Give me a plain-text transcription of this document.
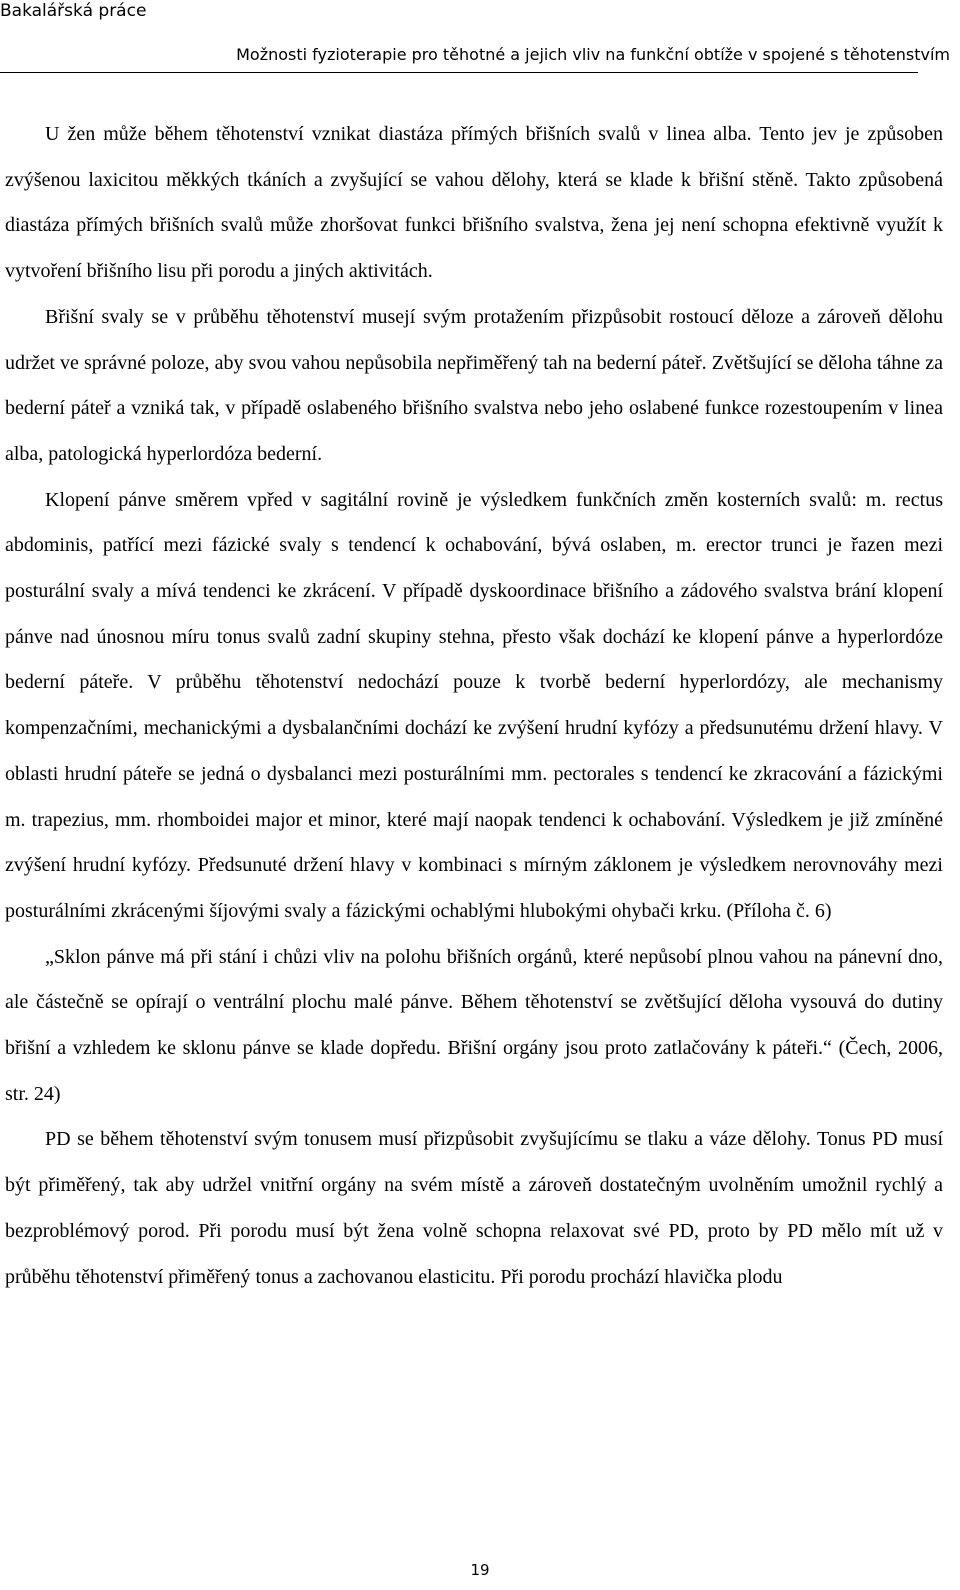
Bakalářská práce
Možnosti fyzioterapie pro těhotné a jejich vliv na funkční obtíže v spojené s těhotenstvím

U žen může během těhotenství vznikat diastáza přímých břišních svalů v linea alba. Tento jev je způsoben zvýšenou laxicitou měkkých tkáních a zvyšující se vahou dělohy, která se klade k břišní stěně. Takto způsobená diastáza přímých břišních svalů může zhoršovat funkci břišního svalstva, žena jej není schopna efektivně využít k vytvoření břišního lisu při porodu a jiných aktivitách.

Břišní svaly se v průběhu těhotenství musejí svým protažením přizpůsobit rostoucí děloze a zároveň dělohu udržet ve správné poloze, aby svou vahou nepůsobila nepřiměřený tah na bederní páteř. Zvětšující se děloha táhne za bederní páteř a vzniká tak, v případě oslabeného břišního svalstva nebo jeho oslabené funkce rozestoupením v linea alba, patologická hyperlordóza bederní.

Klopení pánve směrem vpřed v sagitální rovině je výsledkem funkčních změn kosterních svalů: m. rectus abdominis, patřící mezi fázické svaly s tendencí k ochabování, bývá oslaben, m. erector trunci je řazen mezi posturální svaly a mívá tendenci ke zkrácení. V případě dyskoordinace břišního a zádového svalstva brání klopení pánve nad únosnou míru tonus svalů zadní skupiny stehna, přesto však dochází ke klopení pánve a hyperlordóze bederní páteře. V průběhu těhotenství nedochází pouze k tvorbě bederní hyperlordózy, ale mechanismy kompenzačními, mechanickými a dysbalančními dochází ke zvýšení hrudní kyfózy a předsunutému držení hlavy. V oblasti hrudní páteře se jedná o dysbalanci mezi posturálními mm. pectorales s tendencí ke zkracování a fázickými m. trapezius, mm. rhomboidei major et minor, které mají naopak tendenci k ochabování. Výsledkem je již zmíněné zvýšení hrudní kyfózy. Předsunuté držení hlavy v kombinaci s mírným záklonem je výsledkem nerovnováhy mezi posturálními zkrácenými šíjovými svaly a fázickými ochablými hlubokými ohybači krku. (Příloha č. 6)

„Sklon pánve má při stání i chůzi vliv na polohu břišních orgánů, které nepůsobí plnou vahou na pánevní dno, ale částečně se opírají o ventrální plochu malé pánve. Během těhotenství se zvětšující děloha vysouvá do dutiny břišní a vzhledem ke sklonu pánve se klade dopředu. Břišní orgány jsou proto zatlačovány k páteři.“ (Čech, 2006, str. 24)

PD se během těhotenství svým tonusem musí přizpůsobit zvyšujícímu se tlaku a váze dělohy. Tonus PD musí být přiměřený, tak aby udržel vnitřní orgány na svém místě a zároveň dostatečným uvolněním umožnil rychlý a bezproblémový porod. Při porodu musí být žena volně schopna relaxovat své PD, proto by PD mělo mít už v průběhu těhotenství přiměřený tonus a zachovanou elasticitu. Při porodu prochází hlavička plodu

19
